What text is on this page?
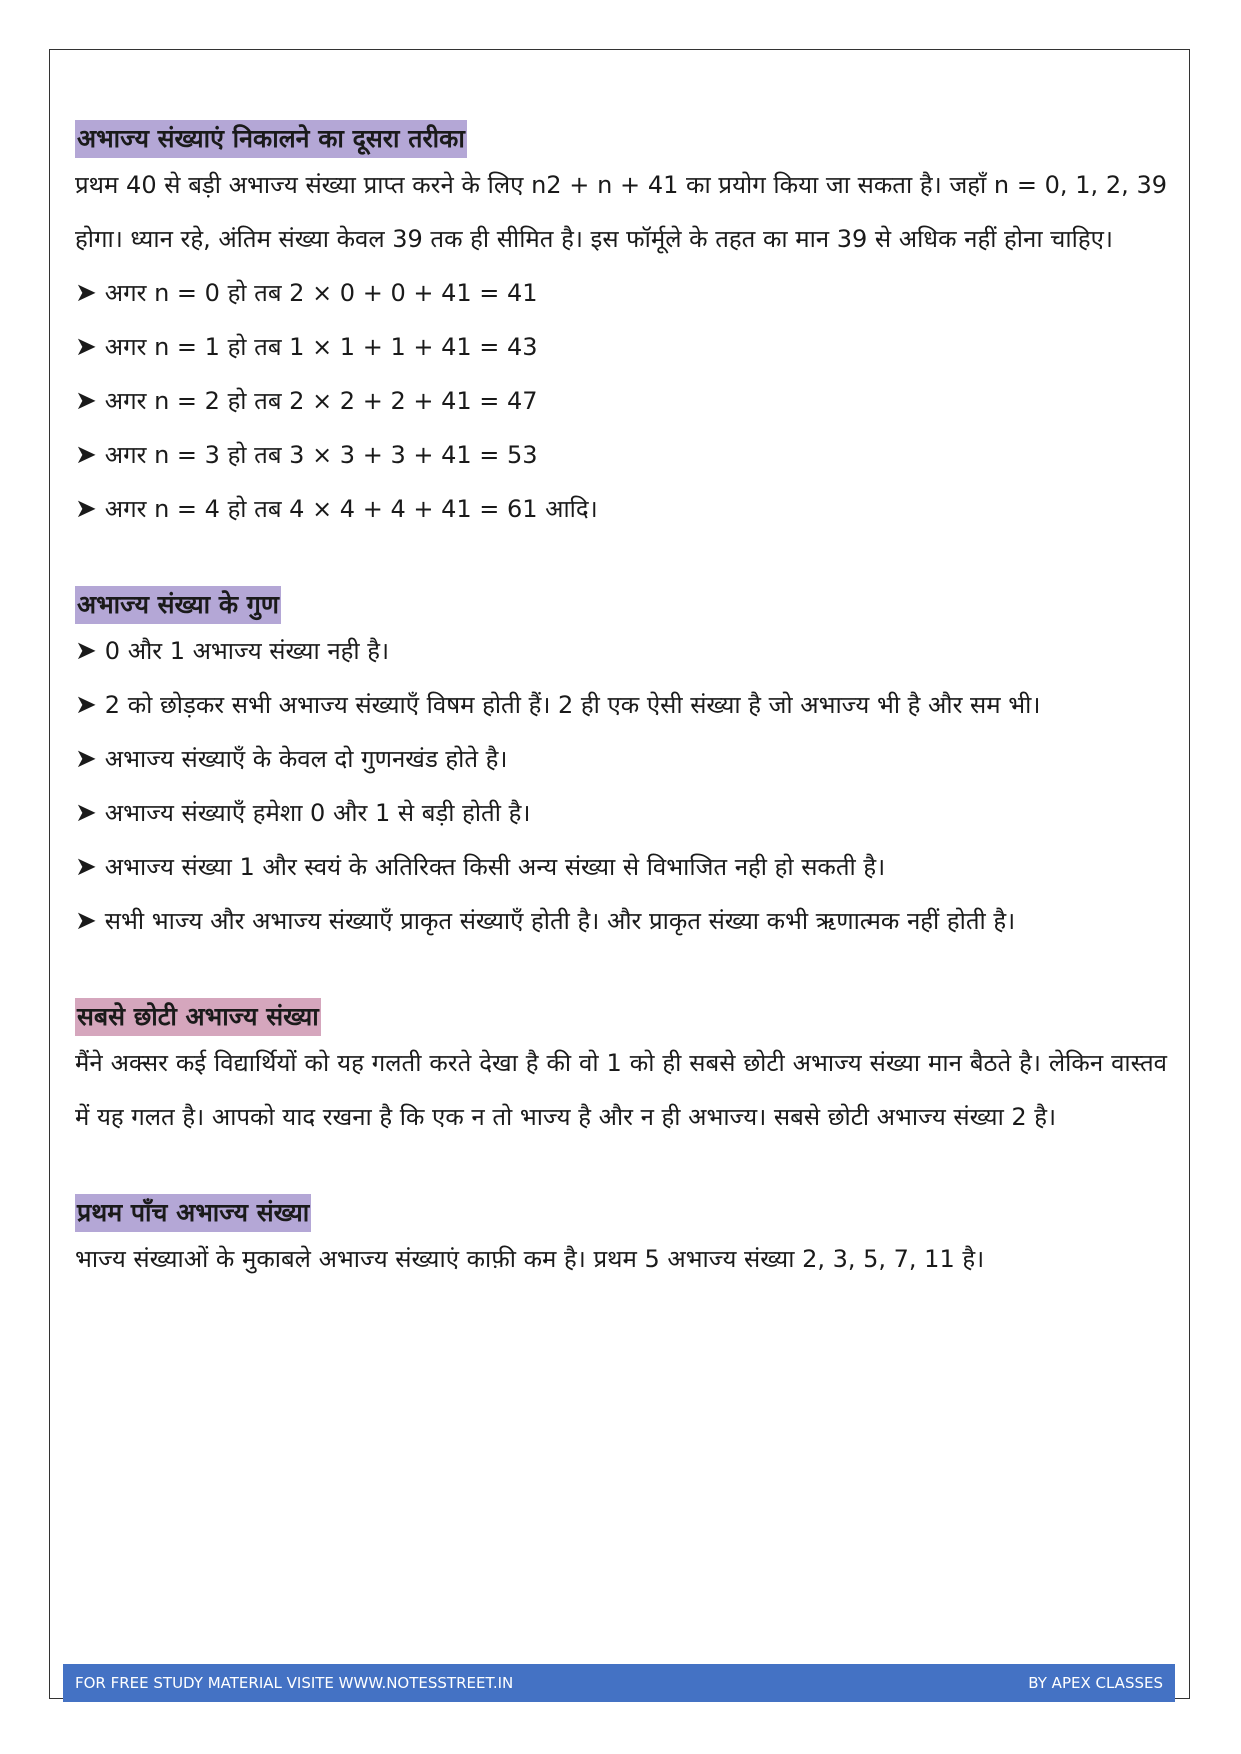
अभाज्य संख्याएं निकालने का दूसरा तरीका

प्रथम 40 से बड़ी अभाज्य संख्या प्राप्त करने के लिए n2 + n + 41 का प्रयोग किया जा सकता है। जहाँ n = 0, 1, 2, 39 होगा। ध्यान रहे, अंतिम संख्या केवल 39 तक ही सीमित है। इस फॉर्मूले के तहत का मान 39 से अधिक नहीं होना चाहिए।

➤ अगर n = 0 हो तब 2 × 0 + 0 + 41 = 41

➤ अगर n = 1 हो तब 1 × 1 + 1 + 41 = 43

➤ अगर n = 2 हो तब 2 × 2 + 2 + 41 = 47

➤ अगर n = 3 हो तब 3 × 3 + 3 + 41 = 53

➤ अगर n = 4 हो तब 4 × 4 + 4 + 41 = 61 आदि।

अभाज्य संख्या के गुण

➤ 0 और 1 अभाज्य संख्या नही है।

➤ 2 को छोड़कर सभी अभाज्य संख्याएँ विषम होती हैं। 2 ही एक ऐसी संख्या है जो अभाज्य भी है और सम भी।

➤ अभाज्य संख्याएँ के केवल दो गुणनखंड होते है।

➤ अभाज्य संख्याएँ हमेशा 0 और 1 से बड़ी होती है।

➤ अभाज्य संख्या 1 और स्वयं के अतिरिक्त किसी अन्य संख्या से विभाजित नही हो सकती है।

➤ सभी भाज्य और अभाज्य संख्याएँ प्राकृत संख्याएँ होती है। और प्राकृत संख्या कभी ऋणात्मक नहीं होती है।

सबसे छोटी अभाज्य संख्या

मैंने अक्सर कई विद्यार्थियों को यह गलती करते देखा है की वो 1 को ही सबसे छोटी अभाज्य संख्या मान बैठते है। लेकिन वास्तव में यह गलत है। आपको याद रखना है कि एक न तो भाज्य है और न ही अभाज्य। सबसे छोटी अभाज्य संख्या 2 है।

प्रथम पाँच अभाज्य संख्या

भाज्य संख्याओं के मुकाबले अभाज्य संख्याएं काफ़ी कम है। प्रथम 5 अभाज्य संख्या 2, 3, 5, 7, 11 है।

FOR FREE STUDY MATERIAL VISITE WWW.NOTESSTREET.IN	BY APEX CLASSES
